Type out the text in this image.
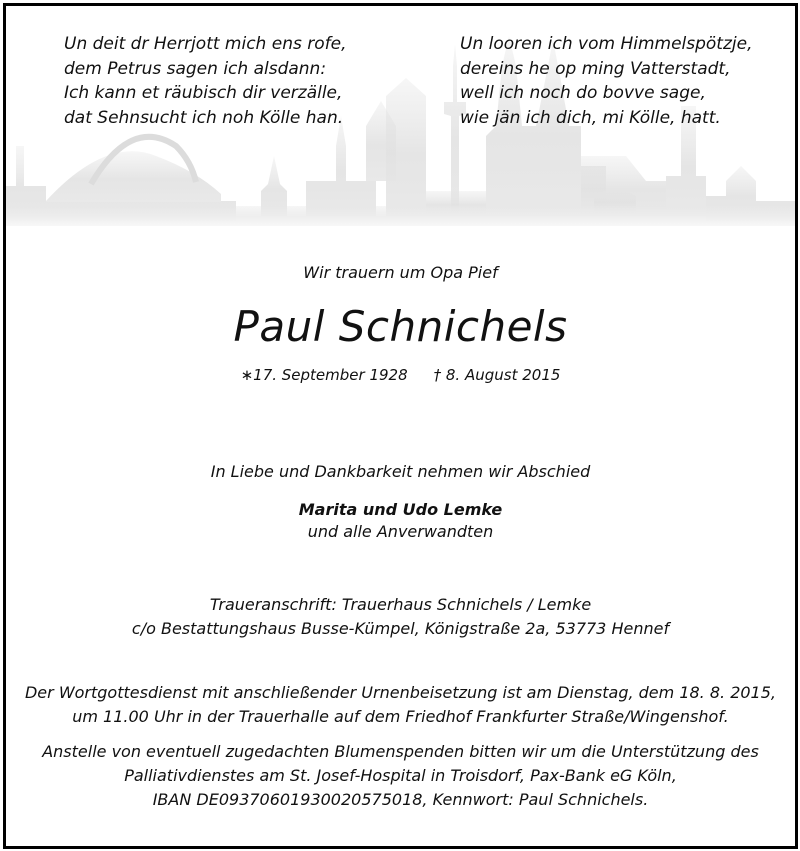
Un deit dr Herrjott mich ens rofe,
dem Petrus sagen ich alsdann:
Ich kann et räubisch dir verzälle,
dat Sehnsucht ich noh Kölle han.
Un looren ich vom Himmelspötzje,
dereins he op ming Vatterstadt,
well ich noch do bovve sage,
wie jän ich dich, mi Kölle, hatt.
Wir trauern um Opa Pief
Paul Schnichels
∗17. September 1928 † 8. August 2015
In Liebe und Dankbarkeit nehmen wir Abschied
Marita und Udo Lemke
und alle Anverwandten
Traueranschrift: Trauerhaus Schnichels / Lemke
c/o Bestattungshaus Busse-Kümpel, Königstraße 2a, 53773 Hennef
Der Wortgottesdienst mit anschließender Urnenbeisetzung ist am Dienstag, dem 18. 8. 2015,
um 11.00 Uhr in der Trauerhalle auf dem Friedhof Frankfurter Straße/Wingenshof.
Anstelle von eventuell zugedachten Blumenspenden bitten wir um die Unterstützung des
Palliativdienstes am St. Josef-Hospital in Troisdorf, Pax-Bank eG Köln,
IBAN DE09370601930020575018, Kennwort: Paul Schnichels.
